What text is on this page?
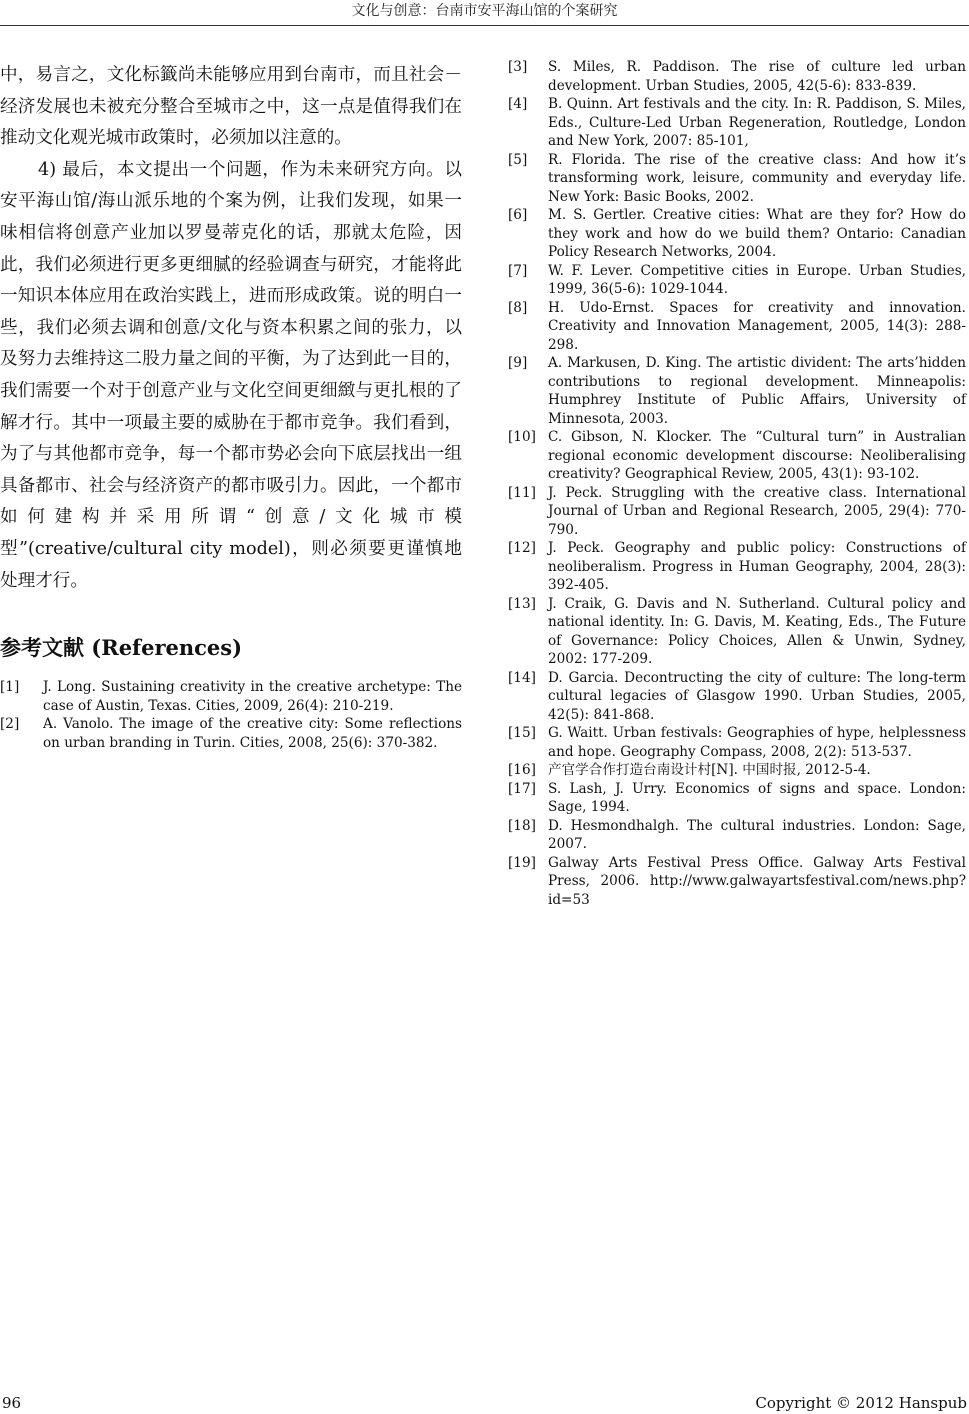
文化与创意：台南市安平海山馆的个案研究

中，易言之，文化标籤尚未能够应用到台南市，而且社会－经济发展也未被充分整合至城市之中，这一点是值得我们在推动文化观光城市政策时，必须加以注意的。

4) 最后，本文提出一个问题，作为未来研究方向。以安平海山馆/海山派乐地的个案为例，让我们发现，如果一味相信将创意产业加以罗曼蒂克化的话，那就太危险，因此，我们必须进行更多更细腻的经验调查与研究，才能将此一知识本体应用在政治实践上，进而形成政策。说的明白一些，我们必须去调和创意/文化与资本积累之间的张力，以及努力去维持这二股力量之间的平衡，为了达到此一目的，我们需要一个对于创意产业与文化空间更细緻与更扎根的了解才行。其中一项最主要的威胁在于都市竞争。我们看到，为了与其他都市竞争，每一个都市势必会向下底层找出一组具备都市、社会与经济资产的都市吸引力。因此，一个都市如何建构并采用所谓“创意/文化城市模型”(creative/cultural city model)，则必须要更谨慎地处理才行。

参考文献 (References)
[1] J. Long. Sustaining creativity in the creative archetype: The case of Austin, Texas. Cities, 2009, 26(4): 210-219.
[2] A. Vanolo. The image of the creative city: Some reflections on urban branding in Turin. Cities, 2008, 25(6): 370-382.
[3] S. Miles, R. Paddison. The rise of culture led urban development. Urban Studies, 2005, 42(5-6): 833-839.
[4] B. Quinn. Art festivals and the city. In: R. Paddison, S. Miles, Eds., Culture-Led Urban Regeneration, Routledge, London and New York, 2007: 85-101,
[5] R. Florida. The rise of the creative class: And how it’s transforming work, leisure, community and everyday life. New York: Basic Books, 2002.
[6] M. S. Gertler. Creative cities: What are they for? How do they work and how do we build them? Ontario: Canadian Policy Research Networks, 2004.
[7] W. F. Lever. Competitive cities in Europe. Urban Studies, 1999, 36(5-6): 1029-1044.
[8] H. Udo-Ernst. Spaces for creativity and innovation. Creativity and Innovation Management, 2005, 14(3): 288-298.
[9] A. Markusen, D. King. The artistic divident: The arts’hidden contributions to regional development. Minneapolis: Humphrey Institute of Public Affairs, University of Minnesota, 2003.
[10] C. Gibson, N. Klocker. The “Cultural turn” in Australian regional economic development discourse: Neoliberalising creativity? Geographical Review, 2005, 43(1): 93-102.
[11] J. Peck. Struggling with the creative class. International Journal of Urban and Regional Research, 2005, 29(4): 770-790.
[12] J. Peck. Geography and public policy: Constructions of neoliberalism. Progress in Human Geography, 2004, 28(3): 392-405.
[13] J. Craik, G. Davis and N. Sutherland. Cultural policy and national identity. In: G. Davis, M. Keating, Eds., The Future of Governance: Policy Choices, Allen & Unwin, Sydney, 2002: 177-209.
[14] D. Garcia. Decontructing the city of culture: The long-term cultural legacies of Glasgow 1990. Urban Studies, 2005, 42(5): 841-868.
[15] G. Waitt. Urban festivals: Geographies of hype, helplessness and hope. Geography Compass, 2008, 2(2): 513-537.
[16] 产官学合作打造台南设计村[N]. 中国时报, 2012-5-4.
[17] S. Lash, J. Urry. Economics of signs and space. London: Sage, 1994.
[18] D. Hesmondhalgh. The cultural industries. London: Sage, 2007.
[19] Galway Arts Festival Press Office. Galway Arts Festival Press, 2006. http://www.galwayartsfestival.com/news.php?id=53
96	Copyright © 2012 Hanspub
